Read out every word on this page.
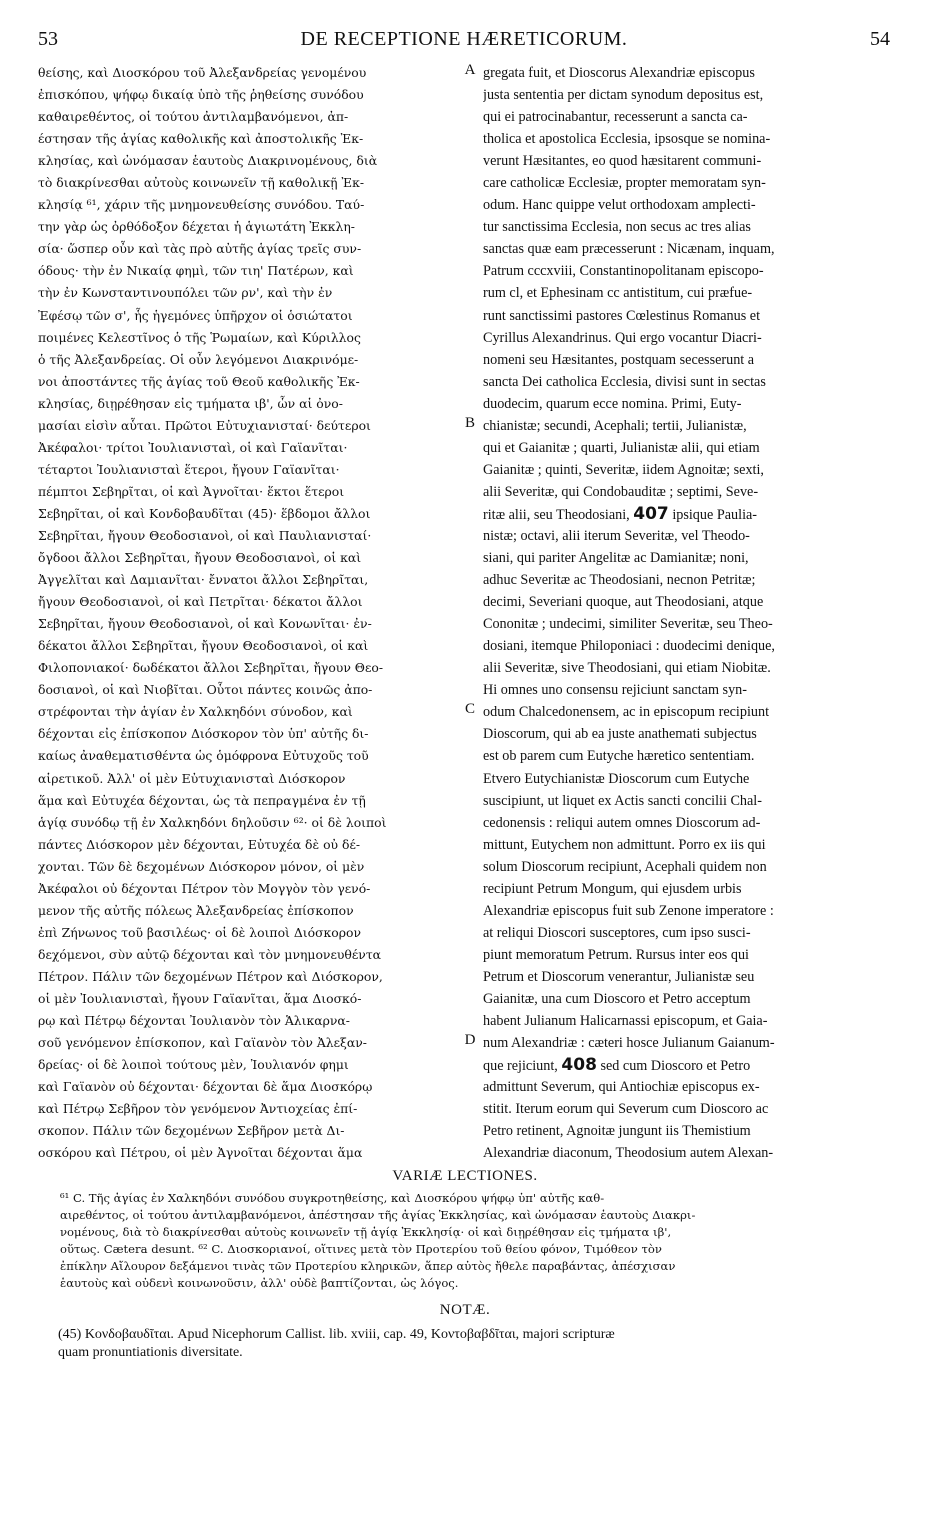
53	DE RECEPTIONE HÆRETICORUM.	54
θείσης, καὶ Διοσκόρου τοῦ Ἀλεξανδρείας γενομένου
ἐπισκόπου, ψήφῳ δικαίᾳ ὑπὸ τῆς ῥηθείσης συνόδου
καθαιρεθέντος, οἱ τούτου ἀντιλαμβανόμενοι, ἀπ-
έστησαν τῆς ἁγίας καθολικῆς καὶ ἀποστολικῆς Ἐκ-
κλησίας, καὶ ὠνόμασαν ἑαυτοὺς Διακρινομένους, διὰ
τὸ διακρίνεσθαι αὐτοὺς κοινωνεῖν τῇ καθολικῇ Ἐκ-
κλησίᾳ ⁶¹, χάριν τῆς μνημονευθείσης συνόδου. Ταύ-
την γὰρ ὡς ὀρθόδοξον δέχεται ἡ ἁγιωτάτη Ἐκκλη-
σία· ὥσπερ οὖν καὶ τὰς πρὸ αὐτῆς ἁγίας τρεῖς συν-
όδους· τὴν ἐν Νικαίᾳ φημὶ, τῶν τιη' Πατέρων, καὶ
τὴν ἐν Κωνσταντινουπόλει τῶν ρν', καὶ τὴν ἐν
Ἐφέσῳ τῶν σ', ἧς ἡγεμόνες ὑπῆρχον οἱ ὁσιώτατοι
ποιμένες Κελεστῖνος ὁ τῆς Ῥωμαίων, καὶ Κύριλλος
ὁ τῆς Ἀλεξανδρείας. Οἱ οὖν λεγόμενοι Διακρινόμε-
νοι ἀποστάντες τῆς ἁγίας τοῦ Θεοῦ καθολικῆς Ἐκ-
κλησίας, διῃρέθησαν εἰς τμήματα ιβ', ὧν αἱ ὀνο-
μασίαι εἰσὶν αὗται. Πρῶτοι Εὐτυχιανισταί· δεύτεροι
Ἀκέφαλοι· τρίτοι Ἰουλιανισταὶ, οἱ καὶ Γαϊανῖται·
τέταρτοι Ἰουλιανισταὶ ἕτεροι, ἤγουν Γαϊανῖται·
πέμπτοι Σεβηρῖται, οἱ καὶ Ἀγνοῖται· ἕκτοι ἕτεροι
Σεβηρῖται, οἱ καὶ Κονδοβαυδῖται (45)· ἕβδομοι ἄλλοι
Σεβηρῖται, ἤγουν Θεοδοσιανοὶ, οἱ καὶ Παυλιανισταί·
ὄγδοοι ἄλλοι Σεβηρῖται, ἤγουν Θεοδοσιανοὶ, οἱ καὶ
Ἀγγελῖται καὶ Δαμιανῖται· ἔννατοι ἄλλοι Σεβηρῖται,
ἤγουν Θεοδοσιανοὶ, οἱ καὶ Πετρῖται· δέκατοι ἄλλοι
Σεβηρῖται, ἤγουν Θεοδοσιανοὶ, οἱ καὶ Κονωνῖται· ἐν-
δέκατοι ἄλλοι Σεβηρῖται, ἤγουν Θεοδοσιανοὶ, οἱ καὶ
Φιλοπονιακοί· δωδέκατοι ἄλλοι Σεβηρῖται, ἤγουν Θεο-
δοσιανοὶ, οἱ καὶ Νιοβῖται. Οὗτοι πάντες κοινῶς ἀπο-
στρέφονται τὴν ἁγίαν ἐν Χαλκηδόνι σύνοδον, καὶ
δέχονται εἰς ἐπίσκοπον Διόσκορον τὸν ὑπ' αὐτῆς δι-
καίως ἀναθεματισθέντα ὡς ὁμόφρονα Εὐτυχοῦς τοῦ
αἱρετικοῦ. Ἀλλ' οἱ μὲν Εὐτυχιανισταὶ Διόσκορον
ἅμα καὶ Εὐτυχέα δέχονται, ὡς τὰ πεπραγμένα ἐν τῇ
ἁγίᾳ συνόδῳ τῇ ἐν Χαλκηδόνι δηλοῦσιν ⁶²· οἱ δὲ λοιποὶ
πάντες Διόσκορον μὲν δέχονται, Εὐτυχέα δὲ οὐ δέ-
χονται. Τῶν δὲ δεχομένων Διόσκορον μόνον, οἱ μὲν
Ἀκέφαλοι οὐ δέχονται Πέτρον τὸν Μογγὸν τὸν γενό-
μενον τῆς αὐτῆς πόλεως Ἀλεξανδρείας ἐπίσκοπον
ἐπὶ Ζήνωνος τοῦ βασιλέως· οἱ δὲ λοιποὶ Διόσκορον
δεχόμενοι, σὺν αὐτῷ δέχονται καὶ τὸν μνημονευθέντα
Πέτρον. Πάλιν τῶν δεχομένων Πέτρον καὶ Διόσκορον,
οἱ μὲν Ἰουλιανισταὶ, ἤγουν Γαϊανῖται, ἅμα Διοσκό-
ρῳ καὶ Πέτρῳ δέχονται Ἰουλιανὸν τὸν Ἁλικαρνα-
σοῦ γενόμενον ἐπίσκοπον, καὶ Γαϊανὸν τὸν Ἀλεξαν-
δρείας· οἱ δὲ λοιποὶ τούτους μὲν, Ἰουλιανόν φημι
καὶ Γαϊανὸν οὐ δέχονται· δέχονται δὲ ἅμα Διοσκόρῳ
καὶ Πέτρῳ Σεβῆρον τὸν γενόμενον Ἀντιοχείας ἐπί-
σκοπον. Πάλιν τῶν δεχομένων Σεβῆρον μετὰ Δι-
οσκόρου καὶ Πέτρου, οἱ μὲν Ἀγνοῖται δέχονται ἅμα
gregata fuit, et Dioscorus Alexandriæ episcopus
justa sententia per dictam synodum depositus est,
qui ei patrocinabantur, recesserunt a sancta ca-
tholica et apostolica Ecclesia, ipsosque se nomina-
verunt Hæsitantes, eo quod hæsitarent communi-
care catholicæ Ecclesiæ, propter memoratam syn-
odum. Hanc quippe velut orthodoxam amplecti-
tur sanctissima Ecclesia, non secus ac tres alias
sanctas quæ eam præcesserunt : Nicænam, inquam,
Patrum cccxviii, Constantinopolitanam episcopo-
rum cl, et Ephesinam cc antistitum, cui præfue-
runt sanctissimi pastores Cœlestinus Romanus et
Cyrillus Alexandrinus. Qui ergo vocantur Diacri-
nomeni seu Hæsitantes, postquam secesserunt a
sancta Dei catholica Ecclesia, divisi sunt in sectas
duodecim, quarum ecce nomina. Primi, Euty-
chianistæ; secundi, Acephali; tertii, Julianistæ,
qui et Gaianitæ ; quarti, Julianistæ alii, qui etiam
Gaianitæ ; quinti, Severitæ, iidem Agnoitæ; sexti,
alii Severitæ, qui Condobauditæ ; septimi, Seve-
ritæ alii, seu Theodosiani, 407 ipsique Paulia-
nistæ; octavi, alii iterum Severitæ, vel Theodo-
siani, qui pariter Angelitæ ac Damianitæ; noni,
adhuc Severitæ ac Theodosiani, necnon Petritæ;
decimi, Severiani quoque, aut Theodosiani, atque
Cononitæ ; undecimi, similiter Severitæ, seu Theo-
dosiani, itemque Philoponiaci : duodecimi denique,
alii Severitæ, sive Theodosiani, qui etiam Niobitæ.
Hi omnes uno consensu rejiciunt sanctam syn-
odum Chalcedonensem, ac in episcopum recipiunt
Dioscorum, qui ab ea juste anathemati subjectus
est ob parem cum Eutyche hæretico sententiam.
Etvero Eutychianistæ Dioscorum cum Eutyche
suscipiunt, ut liquet ex Actis sancti concilii Chal-
cedonensis : reliqui autem omnes Dioscorum ad-
mittunt, Eutychem non admittunt. Porro ex iis qui
solum Dioscorum recipiunt, Acephali quidem non
recipiunt Petrum Mongum, qui ejusdem urbis
Alexandriæ episcopus fuit sub Zenone imperatore :
at reliqui Dioscori susceptores, cum ipso susci-
piunt memoratum Petrum. Rursus inter eos qui
Petrum et Dioscorum venerantur, Julianistæ seu
Gaianitæ, una cum Dioscoro et Petro acceptum
habent Julianum Halicarnassi episcopum, et Gaia-
num Alexandriæ : cæteri hosce Julianum Gaianum-
que rejiciunt, 408 sed cum Dioscoro et Petro
admittunt Severum, qui Antiochiæ episcopus ex-
stitit. Iterum eorum qui Severum cum Dioscoro ac
Petro retinent, Agnoitæ jungunt iis Themistium
Alexandriæ diaconum, Theodosium autem Alexan-
A
B
C
D
VARIÆ LECTIONES.
⁶¹ C. Τῆς ἁγίας ἐν Χαλκηδόνι συνόδου συγκροτηθείσης, καὶ Διοσκόρου ψήφῳ ὑπ' αὐτῆς καθ-
αιρεθέντος, οἱ τούτου ἀντιλαμβανόμενοι, ἀπέστησαν τῆς ἁγίας Ἐκκλησίας, καὶ ὠνόμασαν ἑαυτοὺς Διακρι-
νομένους, διὰ τὸ διακρίνεσθαι αὐτοὺς κοινωνεῖν τῇ ἁγίᾳ Ἐκκλησίᾳ· οἱ καὶ διῃρέθησαν εἰς τμήματα ιβ',
οὕτως. Cætera desunt. ⁶² C. Διοσκοριανοί, οἵτινες μετὰ τὸν Προτερίου τοῦ θείου φόνον, Τιμόθεον τὸν
ἐπίκλην Αἴλουρον δεξάμενοι τινὰς τῶν Προτερίου κληρικῶν, ἅπερ αὐτὸς ἤθελε παραβάντας, ἀπέσχισαν
ἑαυτοὺς καὶ οὐδενὶ κοινωνοῦσιν, ἀλλ' οὐδὲ βαπτίζονται, ὡς λόγος.
NOTÆ.
(45) Κονδοβαυδῖται. Apud Nicephorum Callist. lib. xviii, cap. 49, Κοντοβαβδῖται, majori scripturæ
quam pronuntiationis diversitate.
